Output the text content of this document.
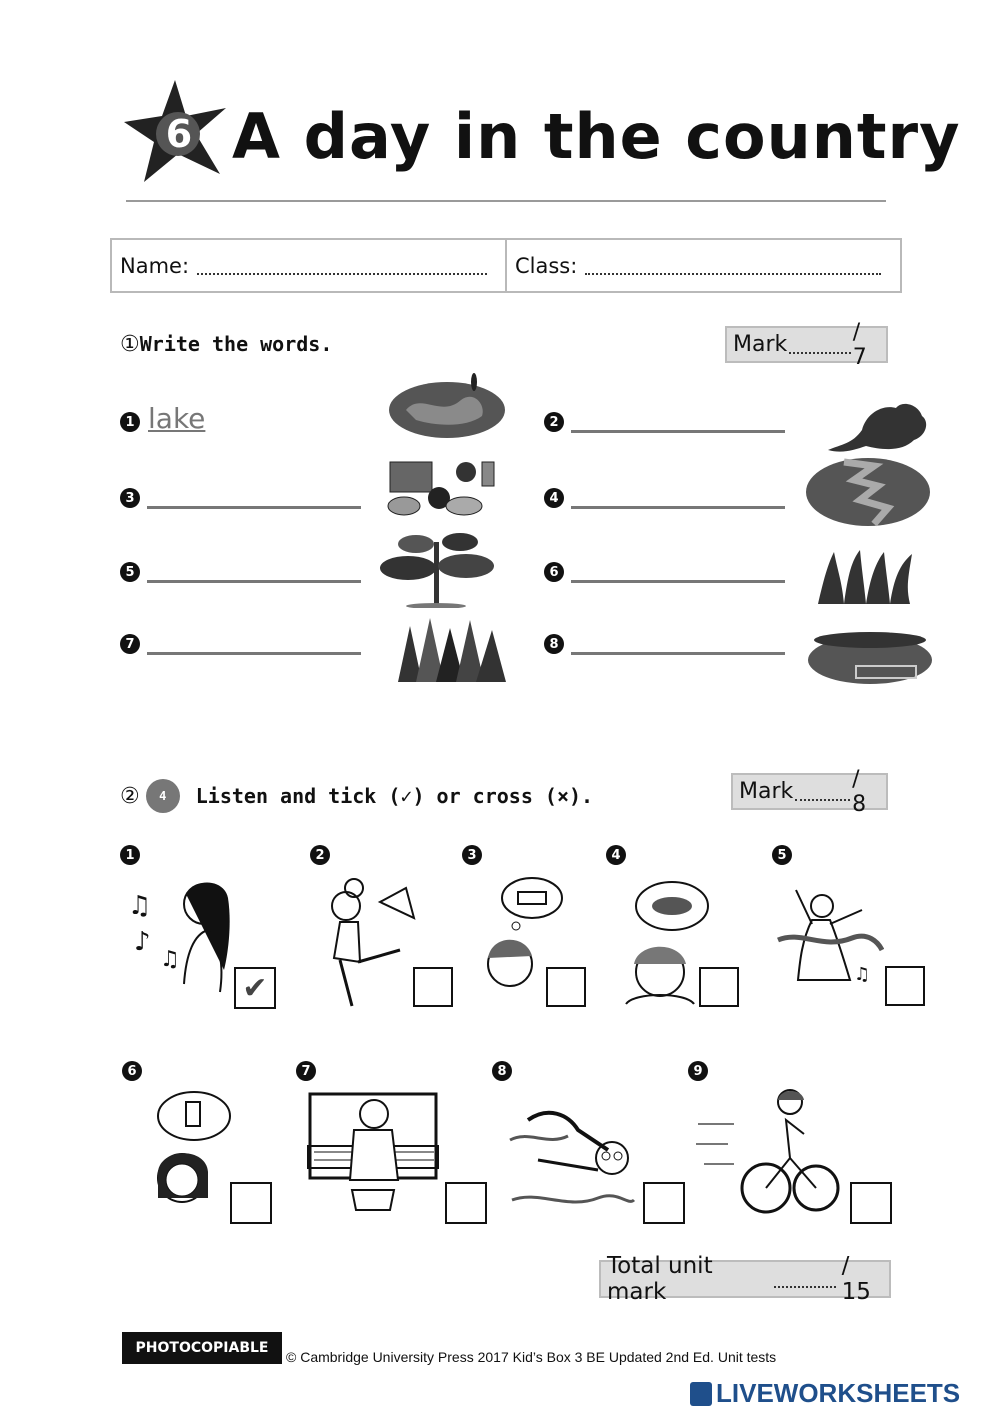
6 A day in the country
Name:	Class:
①Write the words.	Mark	/ 7
1 lake	2
3	4
5	6
7	8
② 4 Listen and tick (✓) or cross (×).	Mark	/ 8
1
♫
♪
♫
✔
2	3	4	5
♫
6	7	8	9
Total unit mark
/ 15
PHOTOCOPIABLE
© Cambridge University Press 2017 Kid’s Box 3 BE Updated 2nd Ed. Unit tests
LIVEWORKSHEETS
